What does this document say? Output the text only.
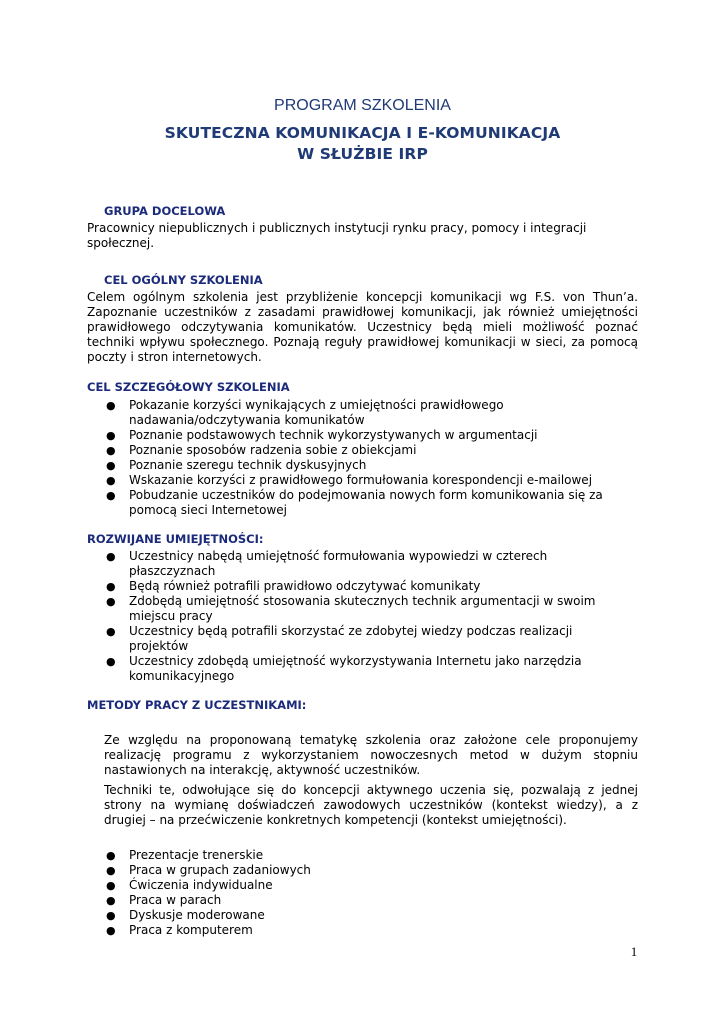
PROGRAM SZKOLENIA
SKUTECZNA KOMUNIKACJA I E-KOMUNIKACJA
W SŁUŻBIE IRP
GRUPA DOCELOWA
Pracownicy niepublicznych i publicznych instytucji rynku pracy, pomocy i integracji społecznej.
CEL OGÓLNY SZKOLENIA
Celem ogólnym szkolenia jest przybliżenie koncepcji komunikacji wg F.S. von Thun’a. Zapoznanie uczestników z zasadami prawidłowej komunikacji, jak również umiejętności prawidłowego odczytywania komunikatów. Uczestnicy będą mieli możliwość poznać techniki wpływu społecznego. Poznają reguły prawidłowej komunikacji w sieci, za pomocą poczty i stron internetowych.
CEL SZCZEGÓŁOWY SZKOLENIA
● Pokazanie korzyści wynikających z umiejętności prawidłowego nadawania/odczytywania komunikatów
● Poznanie podstawowych technik wykorzystywanych w argumentacji
● Poznanie sposobów radzenia sobie z obiekcjami
● Poznanie szeregu technik dyskusyjnych
● Wskazanie korzyści z prawidłowego formułowania korespondencji e-mailowej
● Pobudzanie uczestników do podejmowania nowych form komunikowania się za pomocą sieci Internetowej
ROZWIJANE UMIEJĘTNOŚCI:
● Uczestnicy nabędą umiejętność formułowania wypowiedzi w czterech płaszczyznach
● Będą również potrafili prawidłowo odczytywać komunikaty
● Zdobędą umiejętność stosowania skutecznych technik argumentacji w swoim miejscu pracy
● Uczestnicy będą potrafili skorzystać ze zdobytej wiedzy podczas realizacji projektów
● Uczestnicy zdobędą umiejętność wykorzystywania Internetu jako narzędzia komunikacyjnego
METODY PRACY Z UCZESTNIKAMI:
Ze względu na proponowaną tematykę szkolenia oraz założone cele proponujemy realizację programu z wykorzystaniem nowoczesnych metod w dużym stopniu nastawionych na interakcję, aktywność uczestników.
Techniki te, odwołujące się do koncepcji aktywnego uczenia się, pozwalają z jednej strony na wymianę doświadczeń zawodowych uczestników (kontekst wiedzy), a z drugiej – na przećwiczenie konkretnych kompetencji (kontekst umiejętności).
● Prezentacje trenerskie
● Praca w grupach zadaniowych
● Ćwiczenia indywidualne
● Praca w parach
● Dyskusje moderowane
● Praca z komputerem
1
